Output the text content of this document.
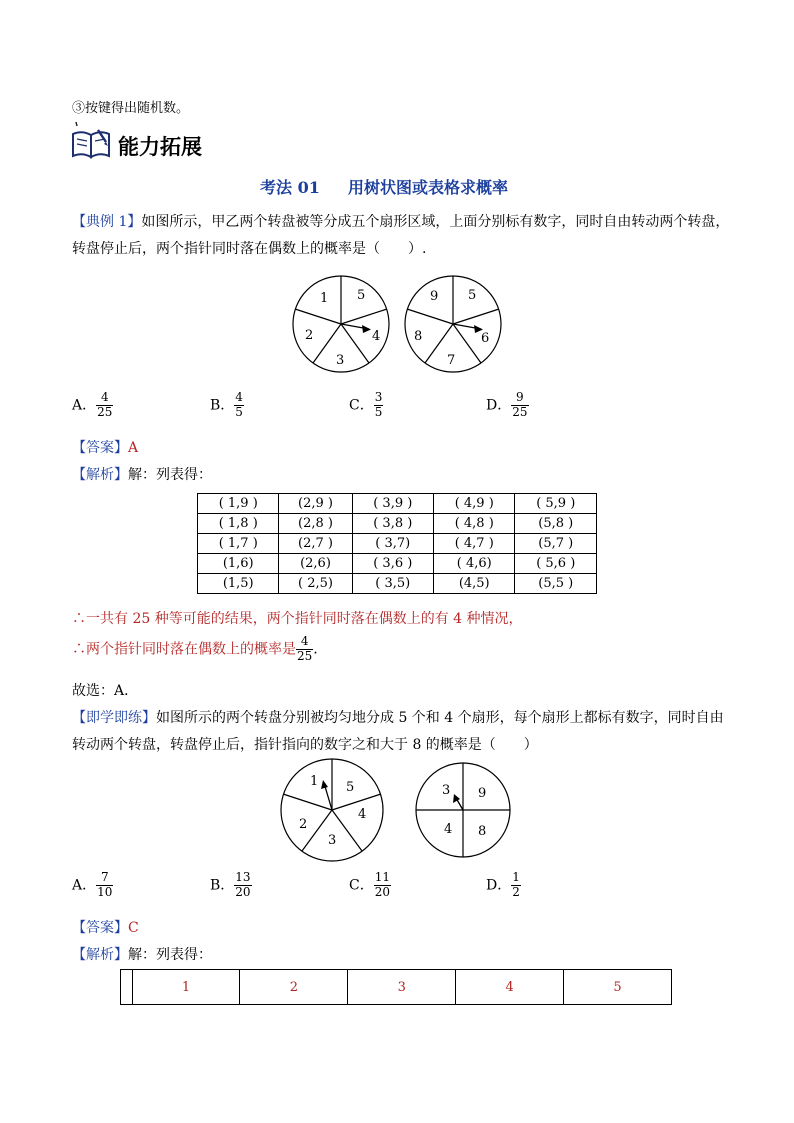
③按键得出随机数。
能力拓展
考法 01 用树状图或表格求概率
【典例 1】如图所示，甲乙两个转盘被等分成五个扇形区域，上面分别标有数字，同时自由转动两个转盘，
转盘停止后，两个指针同时落在偶数上的概率是（　　）.
1 5
4
3
2
9 5
6
7
8
A． $\frac{4}{25}$	B． $\frac{4}{5}$	C． $\frac{3}{5}$	D． $\frac{9}{25}$
【答案】A
【解析】解：列表得：
( 1,9 )	(2,9 )	( 3,9 )	( 4,9 )	( 5,9 )
( 1,8 )	(2,8 )	( 3,8 )	( 4,8 )	(5,8 )
( 1,7 )	(2,7 )	( 3,7)	( 4,7 )	(5,7 )
(1,6)	(2,6)	( 3,6 )	( 4,6)	( 5,6 )
(1,5)	( 2,5)	( 3,5)	(4,5)	(5,5 )
∴一共有 25 种等可能的结果，两个指针同时落在偶数上的有 4 种情况，
∴两个指针同时落在偶数上的概率是 $\frac{4}{25}$ .
故选：A．
【即学即练】如图所示的两个转盘分别被均匀地分成 5 个和 4 个扇形，每个扇形上都标有数字，同时自由
转动两个转盘，转盘停止后，指针指向的数字之和大于 8 的概率是（　　）
1 5
4
3
2
3 9
8
4
A． $\frac{7}{10}$	B． $\frac{13}{20}$	C． $\frac{11}{20}$	D． $\frac{1}{2}$
【答案】C
【解析】解：列表得：
	1	2	3	4	5
